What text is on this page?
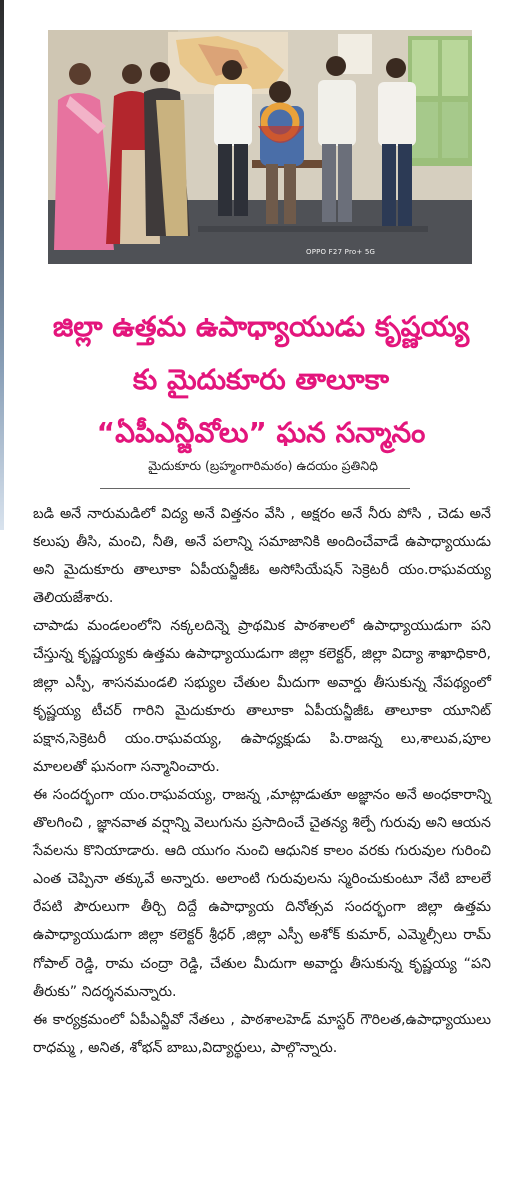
OPPO F27 Pro+ 5G
జిల్లా ఉత్తమ ఉపాధ్యాయుడు కృష్ణయ్య
కు మైదుకూరు తాలూకా
“ఏపీఎన్జీవోలు” ఘన సన్మానం
మైదుకూరు (బ్రహ్మంగారిమఠం) ఉదయం ప్రతినిధి

బడి అనే నారుమడిలో విద్య అనే విత్తనం వేసి , అక్షరం అనే నీరు పోసి , చెడు అనే కలుపు తీసి, మంచి, నీతి, అనే పలాన్ని సమాజానికి అందించేవాడే ఉపాధ్యాయుడు అని మైదుకూరు తాలూకా ఏపీయన్జీజీఓ అసోసియేషన్ సెక్రెటరీ యం.రాఘవయ్య తెలియజేశారు.

చాపాడు మండలంలోని నక్కలదిన్నె ప్రాథమిక పాఠశాలలో ఉపాధ్యాయుడుగా పని చేస్తున్న కృష్ణయ్యకు ఉత్తమ ఉపాధ్యాయుడుగా జిల్లా కలెక్టర్, జిల్లా విద్యా శాఖాధికారి, జిల్లా ఎస్పీ, శాసనమండలి సభ్యుల చేతుల మీదుగా అవార్డు తీసుకున్న నేపథ్యంలో కృష్ణయ్య టీచర్ గారిని మైదుకూరు తాలూకా ఏపీయన్జీజీఓ తాలూకా యూనిట్ పక్షాన,సెక్రెటరీ యం.రాఘవయ్య, ఉపాధ్యక్షుడు పి.రాజన్న లు,శాలువ,పూల మాలలతో ఘనంగా సన్మానించారు.

ఈ సందర్భంగా యం.రాఘవయ్య, రాజన్న ,మాట్లాడుతూ అజ్ఞానం అనే అంధకారాన్ని తొలగించి , జ్ఞానవాత వర్షాన్ని వెలుగును ప్రసాదించే చైతన్య శిల్పే గురువు అని ఆయన సేవలను కొనియాడారు. ఆది యుగం నుంచి ఆధునిక కాలం వరకు గురువుల గురించి ఎంత చెప్పినా తక్కువే అన్నారు. అలాంటి గురువులను స్మరించుకుంటూ నేటి బాలలే రేపటి పౌరులుగా తీర్చి దిద్దే ఉపాధ్యాయ దినోత్సవ సందర్భంగా జిల్లా ఉత్తమ ఉపాధ్యాయుడుగా జిల్లా కలెక్టర్ శ్రీధర్ ,జిల్లా ఎస్పీ అశోక్ కుమార్, ఎమ్మెల్సీలు రామ్ గోపాల్ రెడ్డి, రామ చంద్రా రెడ్డి, చేతుల మీదుగా అవార్డు తీసుకున్న కృష్ణయ్య “పని తీరుకు” నిదర్శనమన్నారు.

ఈ కార్యక్రమంలో ఏపీఎన్జీవో నేతలు , పాఠశాలహెడ్ మాస్టర్ గౌరిలత,ఉపాధ్యాయులు రాధమ్మ , అనిత, శోభన్ బాబు,విద్యార్థులు, పాల్గొన్నారు.
